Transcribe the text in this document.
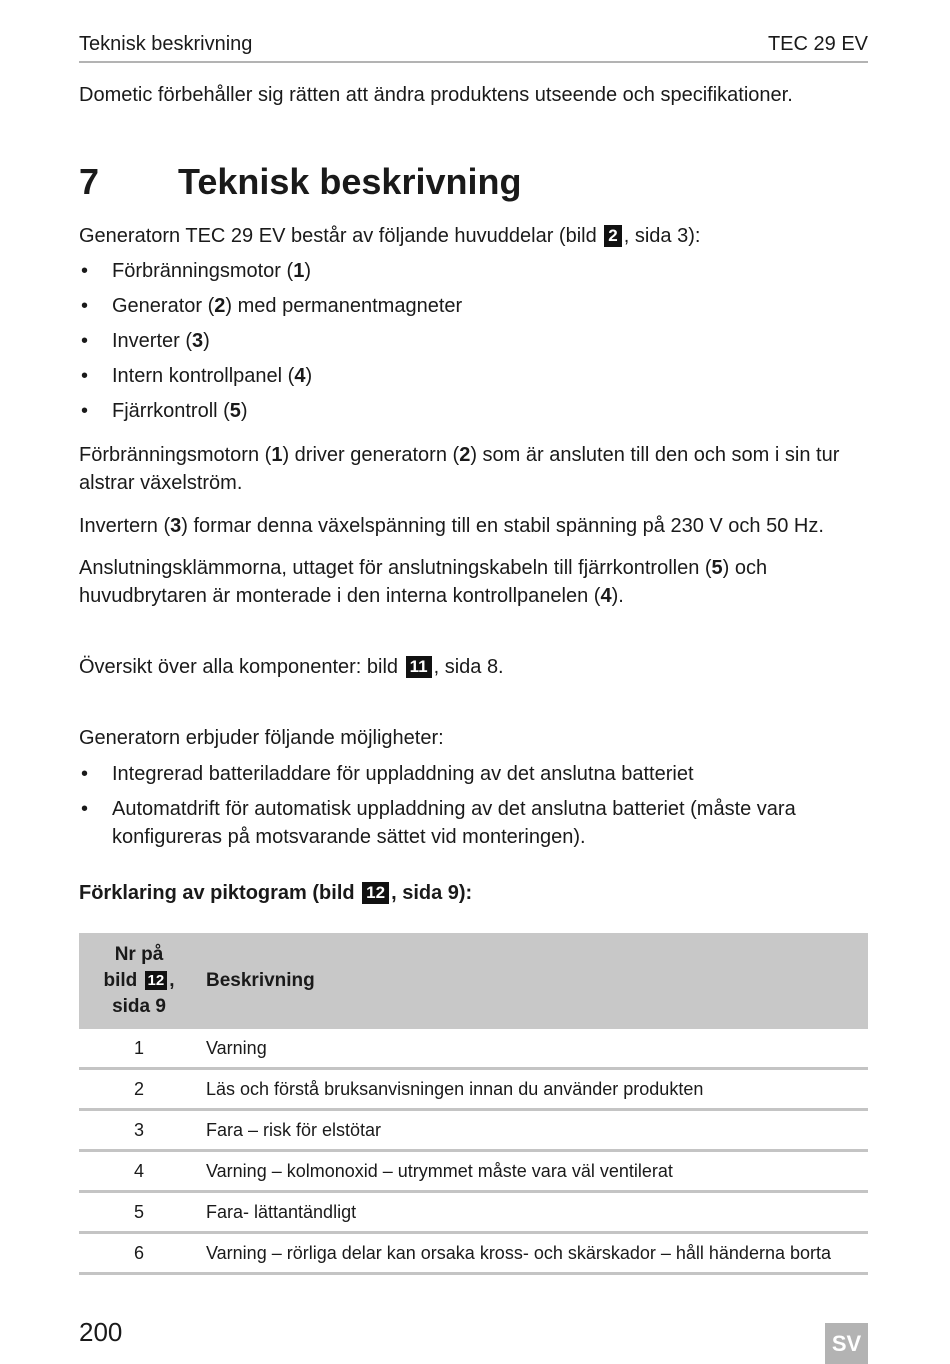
Teknisk beskrivning	TEC 29 EV

Dometic förbehåller sig rätten att ändra produktens utseende och specifikationer.

7 Teknisk beskrivning

Generatorn TEC 29 EV består av följande huvuddelar (bild 2 , sida 3):

• Förbränningsmotor (1)
• Generator (2) med permanentmagneter
• Inverter (3)
• Intern kontrollpanel (4)
• Fjärrkontroll (5)

Förbränningsmotorn (1) driver generatorn (2) som är ansluten till den och som i sin tur alstrar växelström.

Invertern (3) formar denna växelspänning till en stabil spänning på 230 V och 50 Hz.

Anslutningsklämmorna, uttaget för anslutningskabeln till fjärrkontrollen (5) och huvudbrytaren är monterade i den interna kontrollpanelen (4).

Översikt över alla komponenter: bild 11 , sida 8.

Generatorn erbjuder följande möjligheter:

• Integrerad batteriladdare för uppladdning av det anslutna batteriet
• Automatdrift för automatisk uppladdning av det anslutna batteriet (måste vara konfigureras på motsvarande sättet vid monteringen).

Förklaring av piktogram (bild 12 , sida 9):

Nr på
bild 12 ,
sida 9	Beskrivning
1	Varning
2	Läs och förstå bruksanvisningen innan du använder produkten
3	Fara – risk för elstötar
4	Varning – kolmonoxid – utrymmet måste vara väl ventilerat
5	Fara- lättantändligt
6	Varning – rörliga delar kan orsaka kross- och skärskador – håll händerna borta
200	SV
